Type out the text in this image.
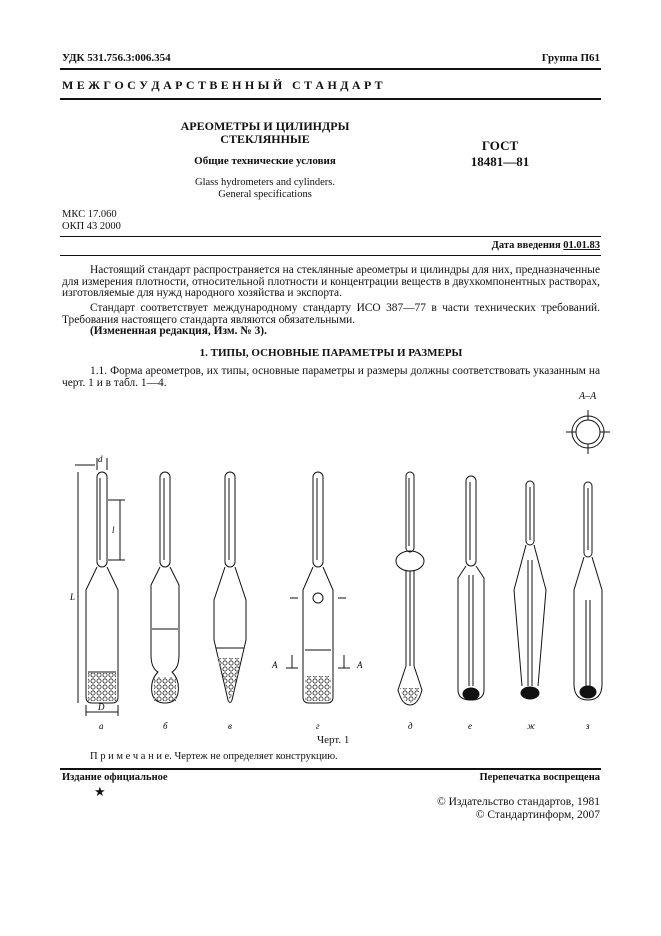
УДК 531.756.3:006.354	Группа П61
М Е Ж Г О С У Д А Р С Т В Е Н Н Ы Й   С Т А Н Д А Р Т
АРЕОМЕТРЫ И ЦИЛИНДРЫ
СТЕКЛЯННЫЕ
Общие технические условия
Glass hydrometers and cylinders.
General specifications
ГОСТ
18481—81
МКС 17.060
ОКП 43 2000
Дата введения 01.01.83
Настоящий стандарт распространяется на стеклянные ареометры и цилиндры для них, предназначенные для измерения плотности, относительной плотности и концентрации веществ в двухкомпонентных растворах, изготовляемые для нужд народного хозяйства и экспорта.
Стандарт соответствует международному стандарту ИСО 387—77 в части технических требований. Требования настоящего стандарта являются обязательными.
(Измененная редакция, Изм. № 3).
1. ТИПЫ, ОСНОВНЫЕ ПАРАМЕТРЫ И РАЗМЕРЫ
1.1. Форма ареометров, их типы, основные параметры и размеры должны соответствовать указанным на черт. 1 и в табл. 1—4.
А–А
d
l
L
D
А	А
а	б	в	г	д	е	ж	з
Черт. 1
П р и м е ч а н и е. Чертеж не определяет конструкцию.
Издание официальное	Перепечатка воспрещена
★
© Издательство стандартов, 1981
© Стандартинформ, 2007
